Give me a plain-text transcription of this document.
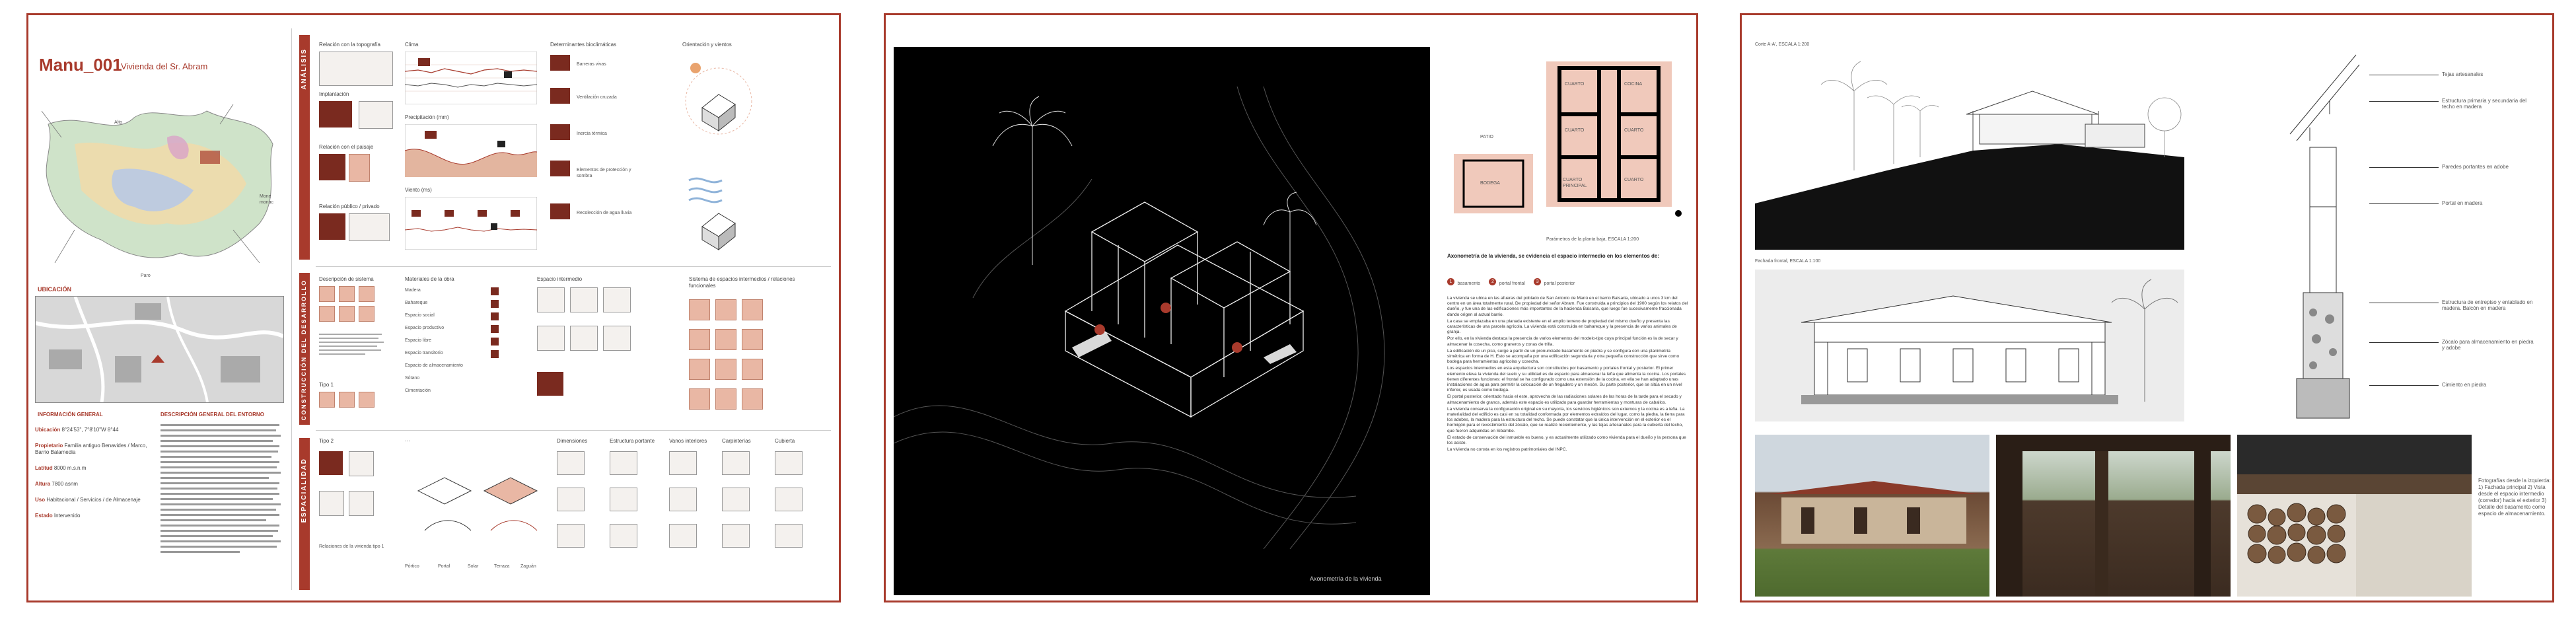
Manu_001
Vivienda del Sr. Abram
Alto
Paro
Mone monac
UBICACIÓN
INFORMACIÓN GENERAL	DESCRIPCIÓN GENERAL DEL ENTORNO
Ubicación 8°24'53", 7°8'10"W 8°44
Propietario Familia antiguo Benavides / Marco, Barrio Balamedia
Latitud 8000 m.s.n.m
Altura 7800 asnm
Uso Habitacional / Servicios / de Almacenaje
Estado Intervenido
ANÁLISIS
CONSTRUCCIÓN DEL DESARROLLO
ESPACIALIDAD
Relación con la topografía
Implantación
Relación con el paisaje
Relación público / privado
Clima
Precipitación (mm)
Viento (ms)
Determinantes bioclimáticas
Barreras vivas
Ventilación cruzada
Inercia térmica
Elementos de protección y sombra
Recolección de agua lluvia
Orientación y vientos
Descripción de sistema
Tipo 1
Materiales de la obra
Madera
Bahareque
Espacio social
Espacio productivo
Espacio libre
Espacio transitorio
Espacio de almacenamiento
Sótano
Cimentación
Espacio intermedio	Sistema de espacios intermedios / relaciones funcionales
Tipo 2
Relaciones de la vivienda tipo 1
⋯
Pórtico	Portal	Solar	Terraza Zaguán
Dimensiones	Estructura portante	Vanos interiores	Carpinterías	Cubierta
Axonometría de la vivienda
CUARTO	COCINA
CUARTO	CUARTO
CUARTO PRINCIPAL
CUARTO
BODEGA
PATIO
Parámetros de la planta baja, ESCALA 1:200
Axonometría de la vivienda, se evidencia el espacio intermedio en los elementos de:
1 basamento 2 portal frontal 3 portal posterior

La vivienda se ubica en las afueras del poblado de San Antonio de Manú en el barrio Balsaria, ubicado a unos 3 km del centro en un área totalmente rural. De propiedad del señor Abram. Fue construida a principios del 1900 según los relatos del dueño, y fue una de las edificaciones más importantes de la hacienda Balsaria, que luego fue sucesivamente fraccionada dando origen al actual barrio.

La casa se emplazaba en una planada existente en el amplio terreno de propiedad del mismo dueño y presenta las características de una parcela agrícola. La vivienda está construida en bahareque y la presencia de varios animales de granja.

Por ello, en la vivienda destaca la presencia de varios elementos del modelo-tipo cuya principal función es la de secar y almacenar la cosecha, como graneros y zonas de trilla.

La edificación de un piso, surge a partir de un pronunciado basamento en piedra y se configura con una planimetría simétrica en forma de H. Esto se acompaña por una edificación segundaria y otra pequeña construcción que sirve como bodega para herramientas agrícolas y cosecha.

Los espacios intermedios en esta arquitectura son constituidos por basamento y portales frontal y posterior. El primer elemento eleva la vivienda del suelo y su utilidad es de espacio para almacenar la leña que alimenta la cocina. Los portales tienen diferentes funciones: el frontal se ha configurado como una extensión de la cocina, en ella se han adaptado unas instalaciones de agua para permitir la colocación de un fregadero y un mesón. Su parte posterior, que se sitúa en un nivel inferior, es usada como bodega.

El portal posterior, orientado hacia el este, aprovecha de las radiaciones solares de las horas de la tarde para el secado y almacenamiento de granos, además este espacio es utilizado para guardar herramientas y monturas de caballos.

La vivienda conserva la configuración original en su mayoría, los servicios higiénicos son externos y la cocina es a leña. La materialidad del edificio es casi en su totalidad conformada por elementos extraídos del lugar, como la piedra, la tierra para los adobes, la madera para la estructura del techo. Se puede constatar que la única intervención en el exterior es el hormigón para el revestimiento del zócalo, que se realizó recientemente, y las tejas artesanales para la cubierta del techo, que fueron adquiridas en Sibambe.

El estado de conservación del inmueble es bueno, y es actualmente utilizado como vivienda para el dueño y la persona que los asiste.

La vivienda no consta en los registros patrimoniales del INPC.

Corte A-A', ESCALA 1:200
Fachada frontal, ESCALA 1:100
Fotografías desde la izquierda: 1) Fachada principal 2) Vista desde el espacio intermedio (corredor) hacia el exterior 3) Detalle del basamento como espacio de almacenamiento.
Tejas artesanales
Estructura primaria y secundaria del techo en madera
Paredes portantes en adobe
Portal en madera
Estructura de entrepiso y entablado en madera. Balcón en madera
Zócalo para almacenamiento en piedra y adobe
Cimiento en piedra
